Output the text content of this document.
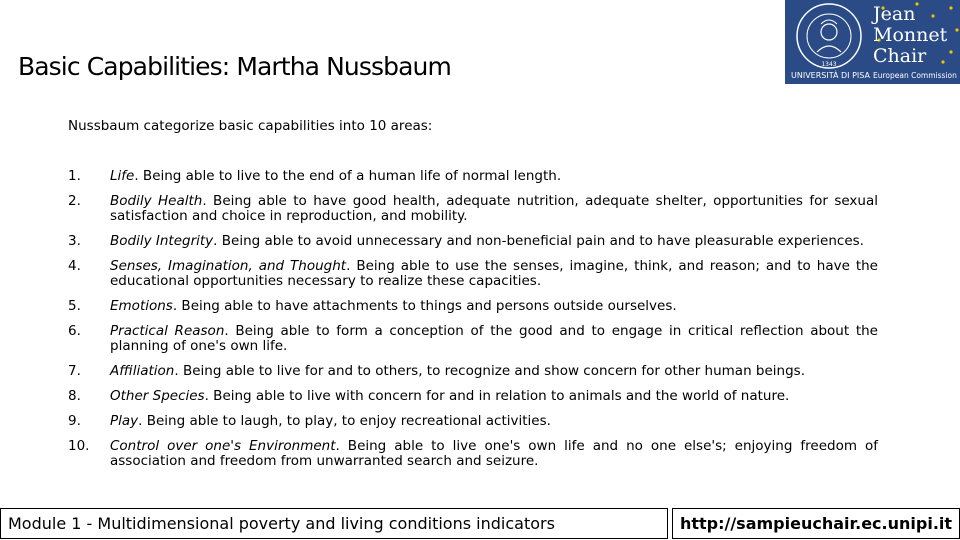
Basic Capabilities: Martha Nussbaum	1343
Jean
Monnet
Chair
UNIVERSITÀ DI PISA European Commission
Nussbaum categorize basic capabilities into 10 areas:
1. Life. Being able to live to the end of a human life of normal length.
2. Bodily Health. Being able to have good health, adequate nutrition, adequate shelter, opportunities for sexual satisfaction and choice in reproduction, and mobility.
3. Bodily Integrity. Being able to avoid unnecessary and non-beneficial pain and to have pleasurable experiences.
4. Senses, Imagination, and Thought. Being able to use the senses, imagine, think, and reason; and to have the educational opportunities necessary to realize these capacities.
5. Emotions. Being able to have attachments to things and persons outside ourselves.
6. Practical Reason. Being able to form a conception of the good and to engage in critical reflection about the planning of one's own life.
7. Affiliation. Being able to live for and to others, to recognize and show concern for other human beings.
8. Other Species. Being able to live with concern for and in relation to animals and the world of nature.
9. Play. Being able to laugh, to play, to enjoy recreational activities.
10. Control over one's Environment. Being able to live one's own life and no one else's; enjoying freedom of association and freedom from unwarranted search and seizure.
Module 1 - Multidimensional poverty and living conditions indicators	http://sampieuchair.ec.unipi.it
